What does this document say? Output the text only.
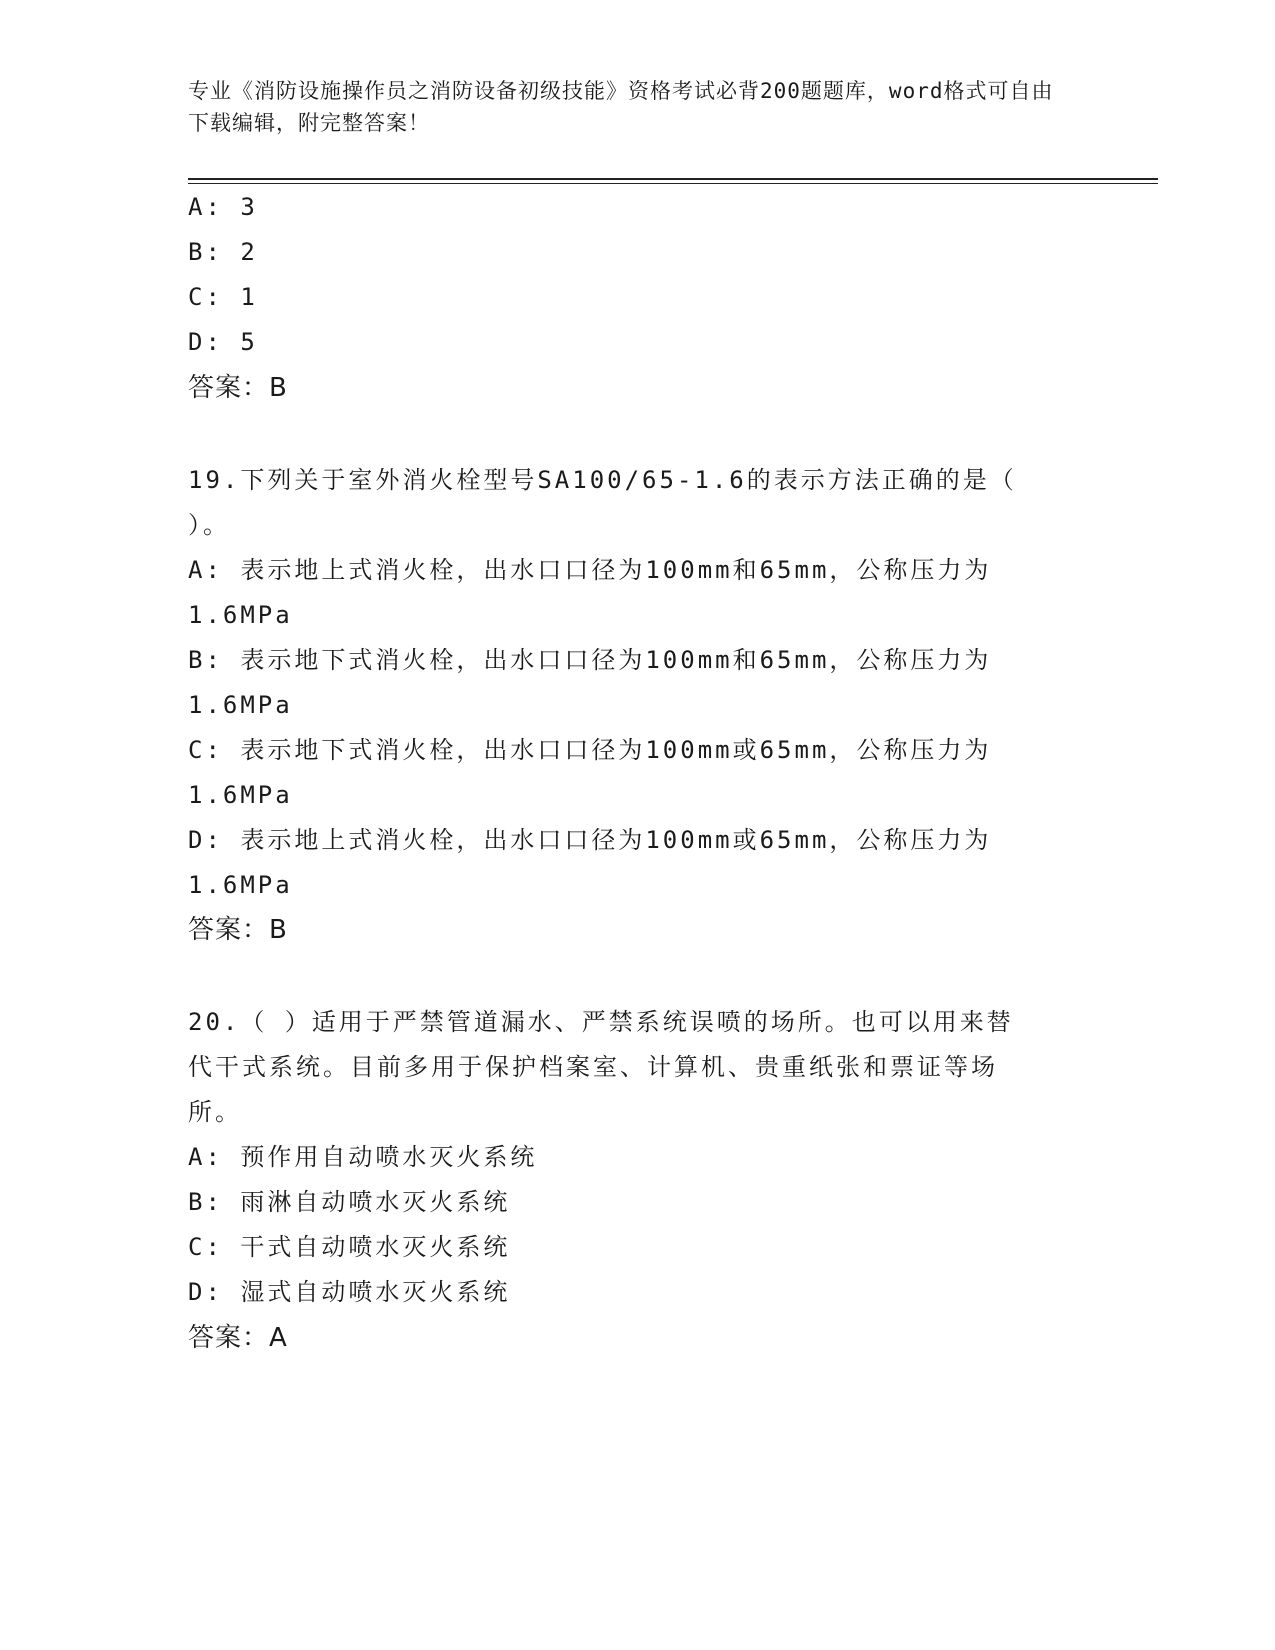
专业《消防设施操作员之消防设备初级技能》资格考试必背200题题库，word格式可自由下载编辑，附完整答案！
A: 3
B: 2
C: 1
D: 5
答案：B
19.下列关于室外消火栓型号SA100/65-1.6的表示方法正确的是（
）。
A: 表示地上式消火栓，出水口口径为100mm和65mm，公称压力为
1.6MPa
B: 表示地下式消火栓，出水口口径为100mm和65mm，公称压力为
1.6MPa
C: 表示地下式消火栓，出水口口径为100mm或65mm，公称压力为
1.6MPa
D: 表示地上式消火栓，出水口口径为100mm或65mm，公称压力为
1.6MPa
答案：B
20.（ ）适用于严禁管道漏水、严禁系统误喷的场所。也可以用来替
代干式系统。目前多用于保护档案室、计算机、贵重纸张和票证等场
所。
A: 预作用自动喷水灭火系统
B: 雨淋自动喷水灭火系统
C: 干式自动喷水灭火系统
D: 湿式自动喷水灭火系统
答案：A
